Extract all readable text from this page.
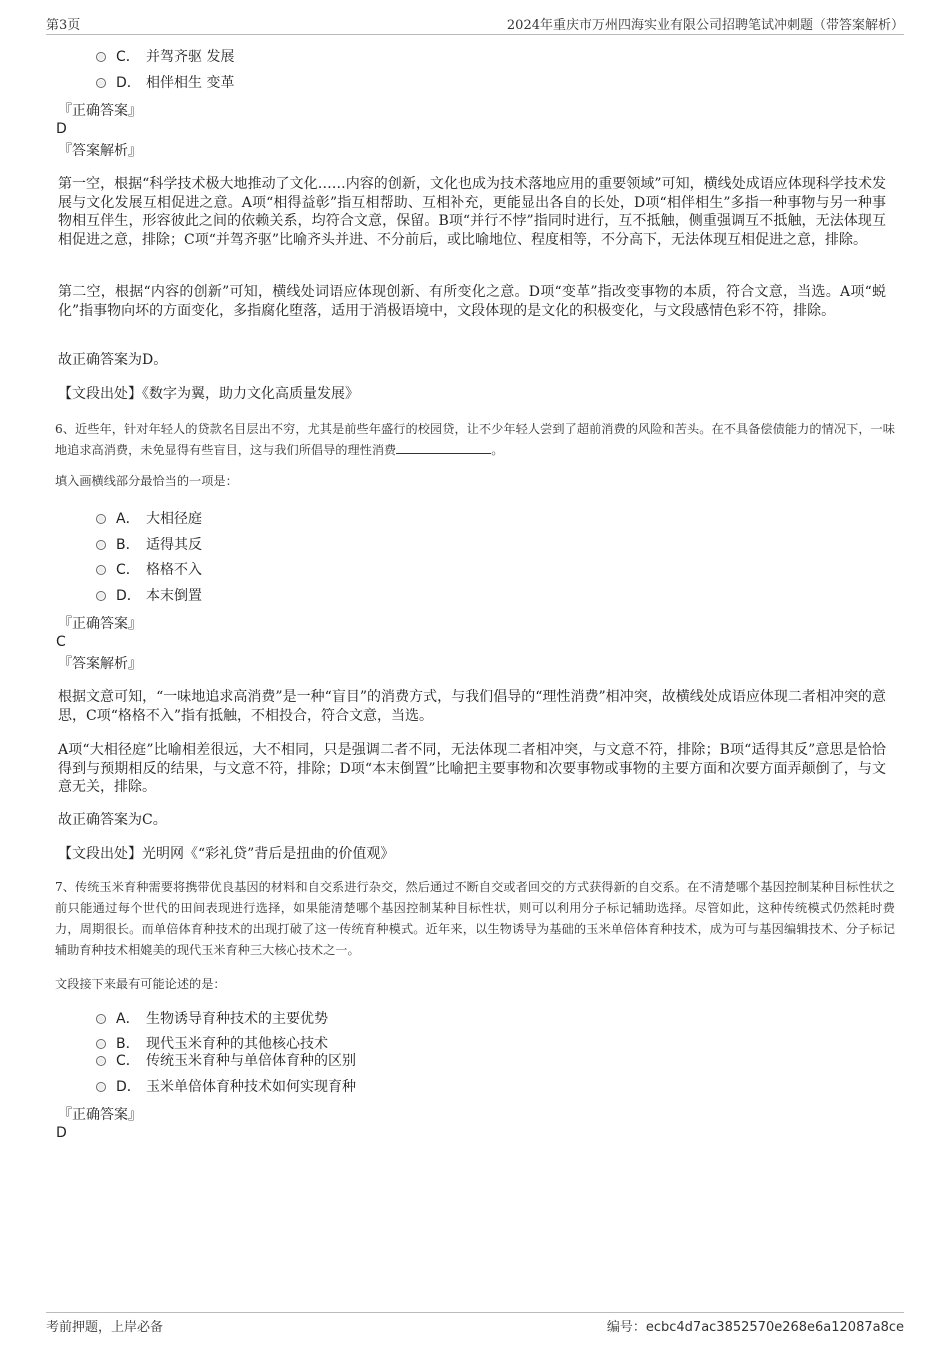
第3页	2024年重庆市万州四海实业有限公司招聘笔试冲刺题（带答案解析）
C． 并驾齐驱 发展
D． 相伴相生 变革
『正确答案』
D
『答案解析』
第一空，根据“科学技术极大地推动了文化……内容的创新，文化也成为技术落地应用的重要领域”可知，横线处成语应体现科学技术发展与文化发展互相促进之意。A项“相得益彰”指互相帮助、互相补充，更能显出各自的长处，D项“相伴相生”多指一种事物与另一种事物相互伴生，形容彼此之间的依赖关系，均符合文意，保留。B项“并行不悖”指同时进行，互不抵触，侧重强调互不抵触，无法体现互相促进之意，排除；C项“并驾齐驱”比喻齐头并进、不分前后，或比喻地位、程度相等，不分高下，无法体现互相促进之意，排除。
第二空，根据“内容的创新”可知，横线处词语应体现创新、有所变化之意。D项“变革”指改变事物的本质，符合文意，当选。A项“蜕化”指事物向坏的方面变化，多指腐化堕落，适用于消极语境中，文段体现的是文化的积极变化，与文段感情色彩不符，排除。
故正确答案为D。
【文段出处】《数字为翼，助力文化高质量发展》
6、近些年，针对年轻人的贷款名目层出不穷，尤其是前些年盛行的校园贷，让不少年轻人尝到了超前消费的风险和苦头。在不具备偿债能力的情况下，一味地追求高消费，未免显得有些盲目，这与我们所倡导的理性消费	。
填入画横线部分最恰当的一项是：
A． 大相径庭
B． 适得其反
C． 格格不入
D． 本末倒置
『正确答案』
C
『答案解析』
根据文意可知，“一味地追求高消费”是一种“盲目”的消费方式，与我们倡导的“理性消费”相冲突，故横线处成语应体现二者相冲突的意思，C项“格格不入”指有抵触，不相投合，符合文意，当选。
A项“大相径庭”比喻相差很远，大不相同，只是强调二者不同，无法体现二者相冲突，与文意不符，排除；B项“适得其反”意思是恰恰得到与预期相反的结果，与文意不符，排除；D项“本末倒置”比喻把主要事物和次要事物或事物的主要方面和次要方面弄颠倒了，与文意无关，排除。
故正确答案为C。
【文段出处】光明网《“彩礼贷”背后是扭曲的价值观》
7、传统玉米育种需要将携带优良基因的材料和自交系进行杂交，然后通过不断自交或者回交的方式获得新的自交系。在不清楚哪个基因控制某种目标性状之前只能通过每个世代的田间表现进行选择，如果能清楚哪个基因控制某种目标性状，则可以利用分子标记辅助选择。尽管如此，这种传统模式仍然耗时费力，周期很长。而单倍体育种技术的出现打破了这一传统育种模式。近年来，以生物诱导为基础的玉米单倍体育种技术，成为可与基因编辑技术、分子标记辅助育种技术相媲美的现代玉米育种三大核心技术之一。
文段接下来最有可能论述的是：
A． 生物诱导育种技术的主要优势
B． 现代玉米育种的其他核心技术
C． 传统玉米育种与单倍体育种的区别
D． 玉米单倍体育种技术如何实现育种
『正确答案』
D
考前押题，上岸必备	编号：ecbc4d7ac3852570e268e6a12087a8ce
